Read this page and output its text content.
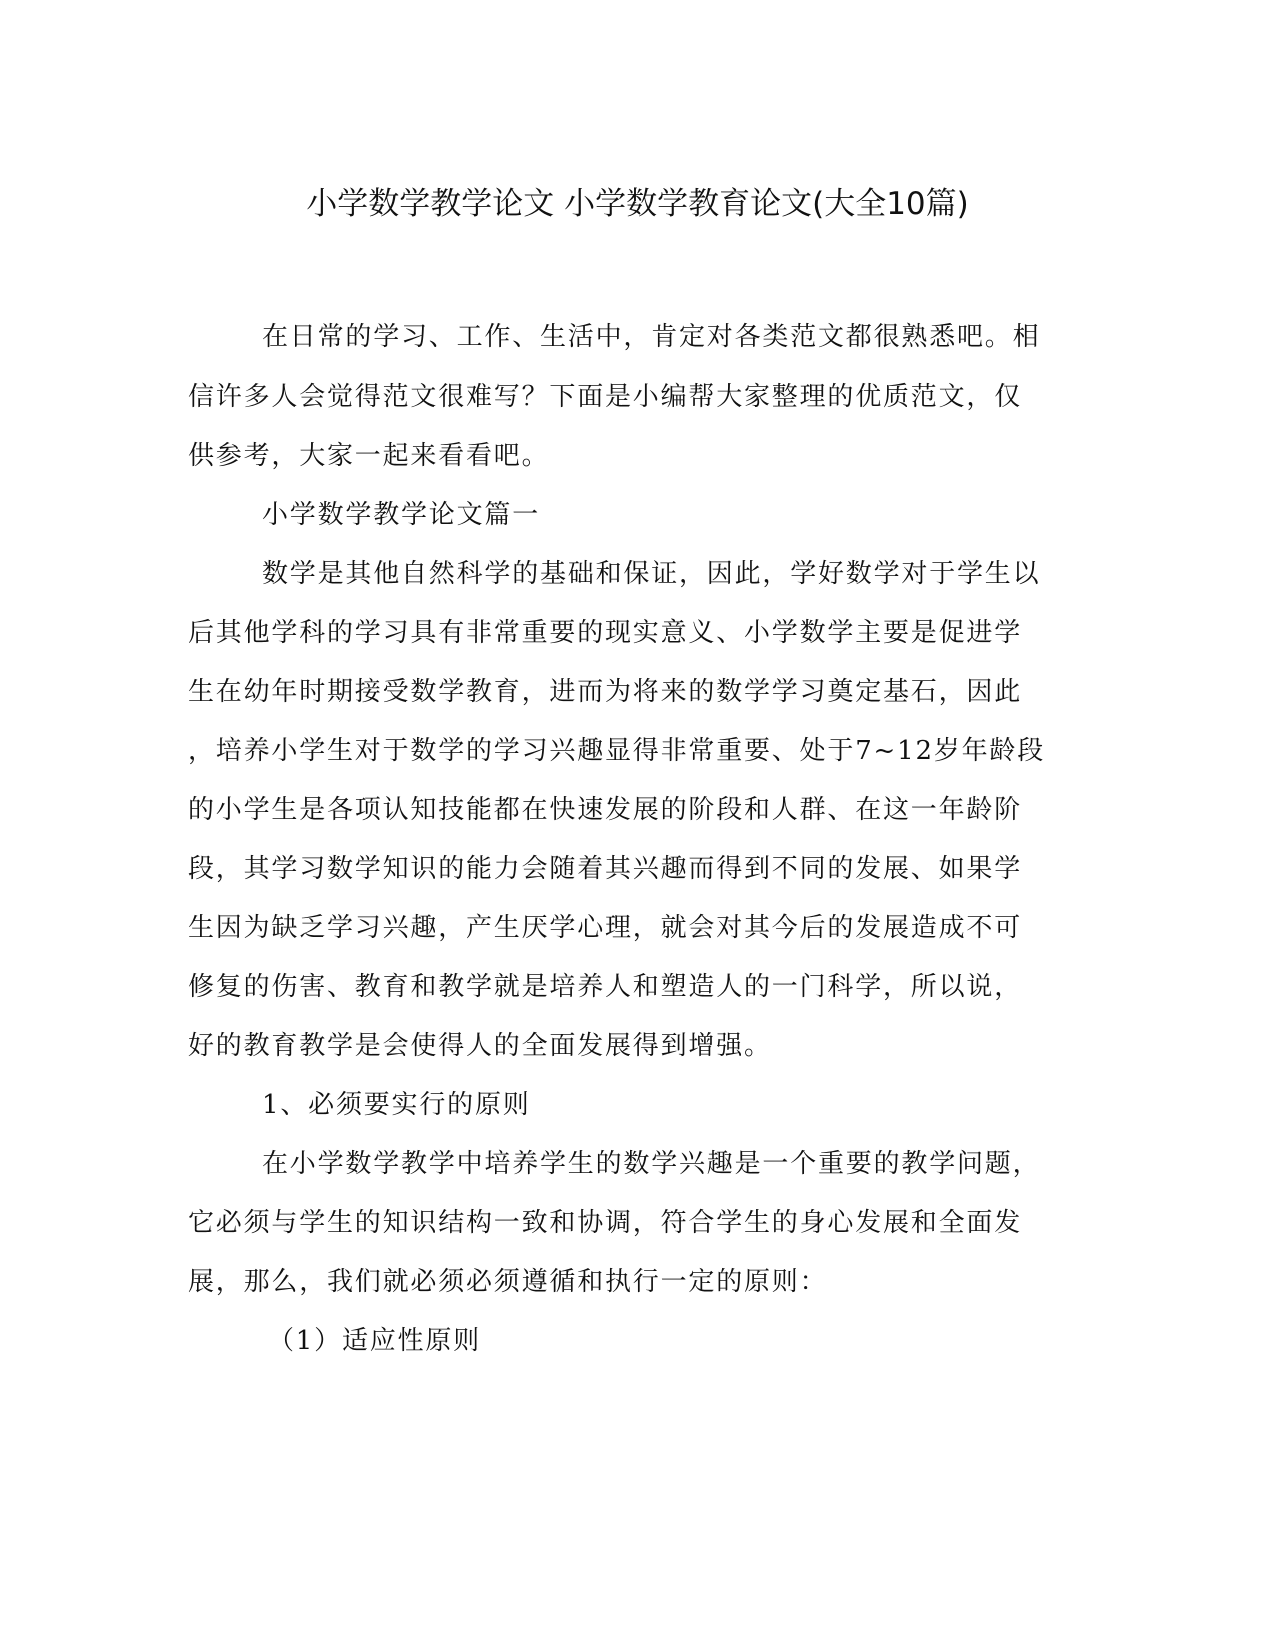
小学数学教学论文 小学数学教育论文(大全10篇)
在日常的学习、工作、生活中，肯定对各类范文都很熟悉吧。相
信许多人会觉得范文很难写？下面是小编帮大家整理的优质范文，仅
供参考，大家一起来看看吧。
小学数学教学论文篇一
数学是其他自然科学的基础和保证，因此，学好数学对于学生以
后其他学科的学习具有非常重要的现实意义、小学数学主要是促进学
生在幼年时期接受数学教育，进而为将来的数学学习奠定基石，因此
，培养小学生对于数学的学习兴趣显得非常重要、处于7~12岁年龄段
的小学生是各项认知技能都在快速发展的阶段和人群、在这一年龄阶
段，其学习数学知识的能力会随着其兴趣而得到不同的发展、如果学
生因为缺乏学习兴趣，产生厌学心理，就会对其今后的发展造成不可
修复的伤害、教育和教学就是培养人和塑造人的一门科学，所以说，
好的教育教学是会使得人的全面发展得到增强。
1、必须要实行的原则
在小学数学教学中培养学生的数学兴趣是一个重要的教学问题，
它必须与学生的知识结构一致和协调，符合学生的身心发展和全面发
展，那么，我们就必须必须遵循和执行一定的原则：
（1）适应性原则
